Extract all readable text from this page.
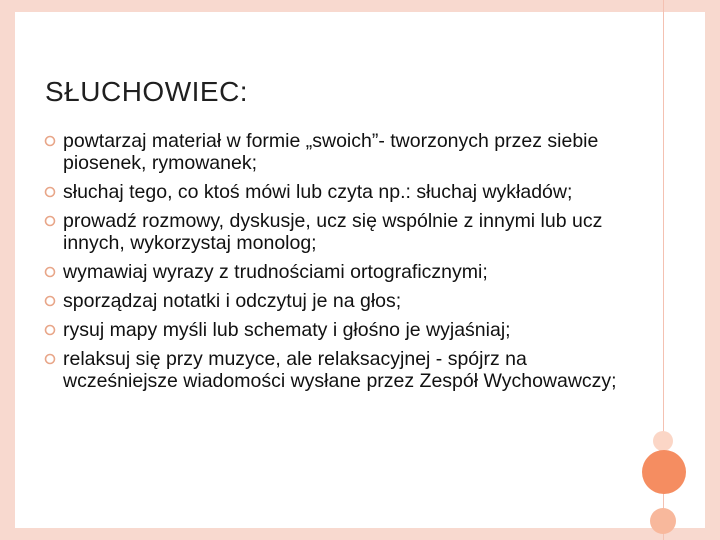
SŁUCHOWIEC:
powtarzaj materiał w formie „swoich”- tworzonych przez siebie piosenek, rymowanek;
słuchaj tego, co ktoś mówi lub czyta np.: słuchaj wykładów;
prowadź rozmowy, dyskusje, ucz się wspólnie z innymi lub ucz innych, wykorzystaj monolog;
wymawiaj wyrazy z trudnościami ortograficznymi;
sporządzaj notatki i odczytuj je na głos;
rysuj mapy myśli lub schematy i głośno je wyjaśniaj;
relaksuj się przy muzyce, ale relaksacyjnej - spójrz na wcześniejsze wiadomości wysłane przez Zespół Wychowawczy;
